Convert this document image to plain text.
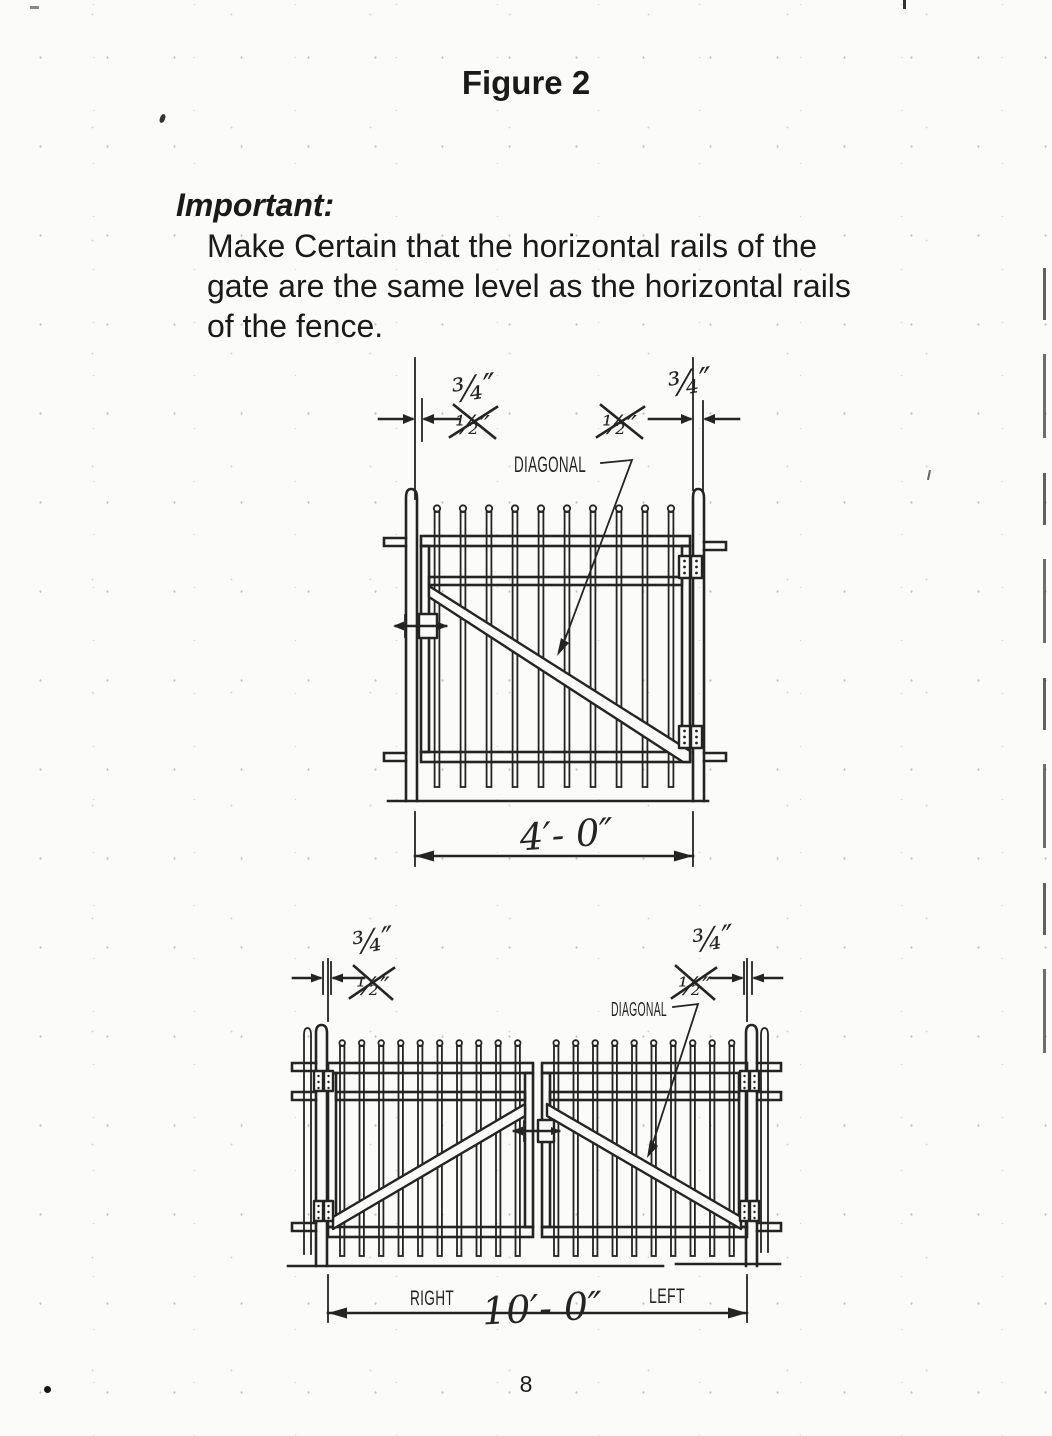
Figure 2
Important:
Make Certain that the horizontal rails of the
gate are the same level as the horizontal rails
of the fence.
¾″
½″
¾″
½″
DIAGONAL
4′- 0″
¾″
½″
¾″
½″
DIAGONAL
RIGHT	LEFT
10′- 0″
8
